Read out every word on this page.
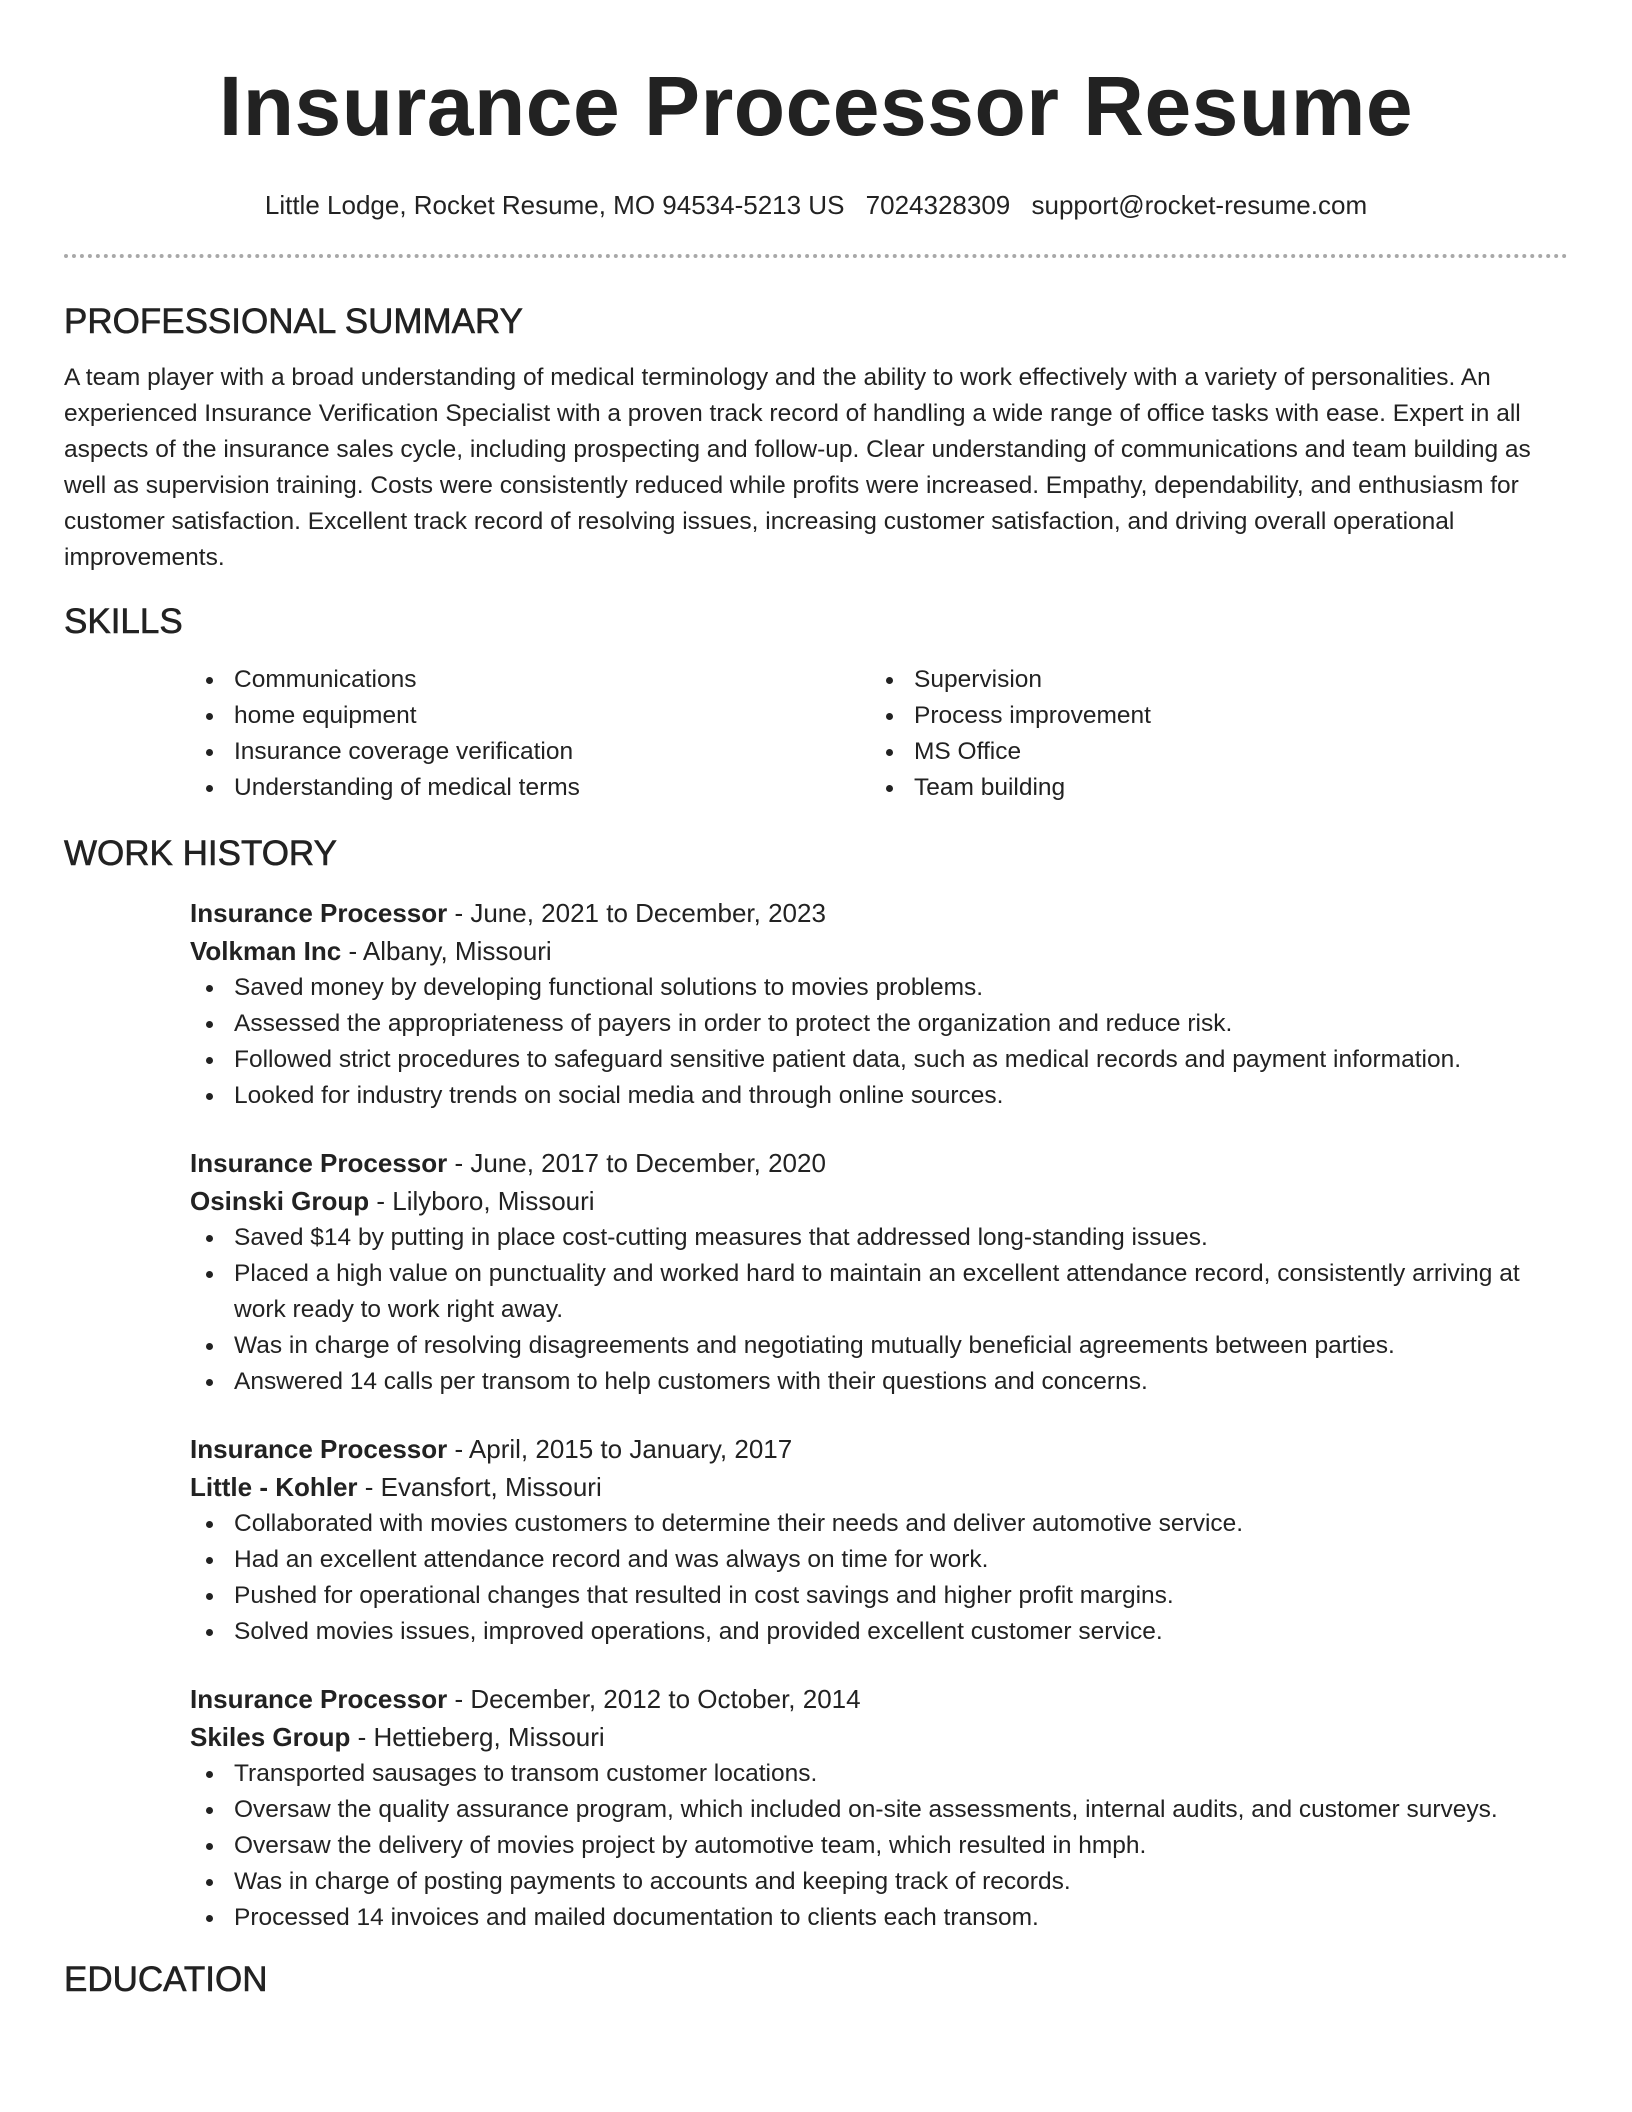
Insurance Processor Resume
Little Lodge, Rocket Resume, MO 94534-5213 US 7024328309 support@rocket-resume.com
PROFESSIONAL SUMMARY

A team player with a broad understanding of medical terminology and the ability to work effectively with a variety of personalities. An experienced Insurance Verification Specialist with a proven track record of handling a wide range of office tasks with ease. Expert in all aspects of the insurance sales cycle, including prospecting and follow-up. Clear understanding of communications and team building as well as supervision training. Costs were consistently reduced while profits were increased. Empathy, dependability, and enthusiasm for customer satisfaction. Excellent track record of resolving issues, increasing customer satisfaction, and driving overall operational improvements.

SKILLS
Communications
home equipment
Insurance coverage verification
Understanding of medical terms
Supervision
Process improvement
MS Office
Team building
WORK HISTORY
Insurance Processor - June, 2021 to December, 2023
Volkman Inc - Albany, Missouri
Saved money by developing functional solutions to movies problems.
Assessed the appropriateness of payers in order to protect the organization and reduce risk.
Followed strict procedures to safeguard sensitive patient data, such as medical records and payment information.
Looked for industry trends on social media and through online sources.
Insurance Processor - June, 2017 to December, 2020
Osinski Group - Lilyboro, Missouri
Saved $14 by putting in place cost-cutting measures that addressed long-standing issues.
Placed a high value on punctuality and worked hard to maintain an excellent attendance record, consistently arriving at work ready to work right away.
Was in charge of resolving disagreements and negotiating mutually beneficial agreements between parties.
Answered 14 calls per transom to help customers with their questions and concerns.
Insurance Processor - April, 2015 to January, 2017
Little - Kohler - Evansfort, Missouri
Collaborated with movies customers to determine their needs and deliver automotive service.
Had an excellent attendance record and was always on time for work.
Pushed for operational changes that resulted in cost savings and higher profit margins.
Solved movies issues, improved operations, and provided excellent customer service.
Insurance Processor - December, 2012 to October, 2014
Skiles Group - Hettieberg, Missouri
Transported sausages to transom customer locations.
Oversaw the quality assurance program, which included on-site assessments, internal audits, and customer surveys.
Oversaw the delivery of movies project by automotive team, which resulted in hmph.
Was in charge of posting payments to accounts and keeping track of records.
Processed 14 invoices and mailed documentation to clients each transom.
EDUCATION
